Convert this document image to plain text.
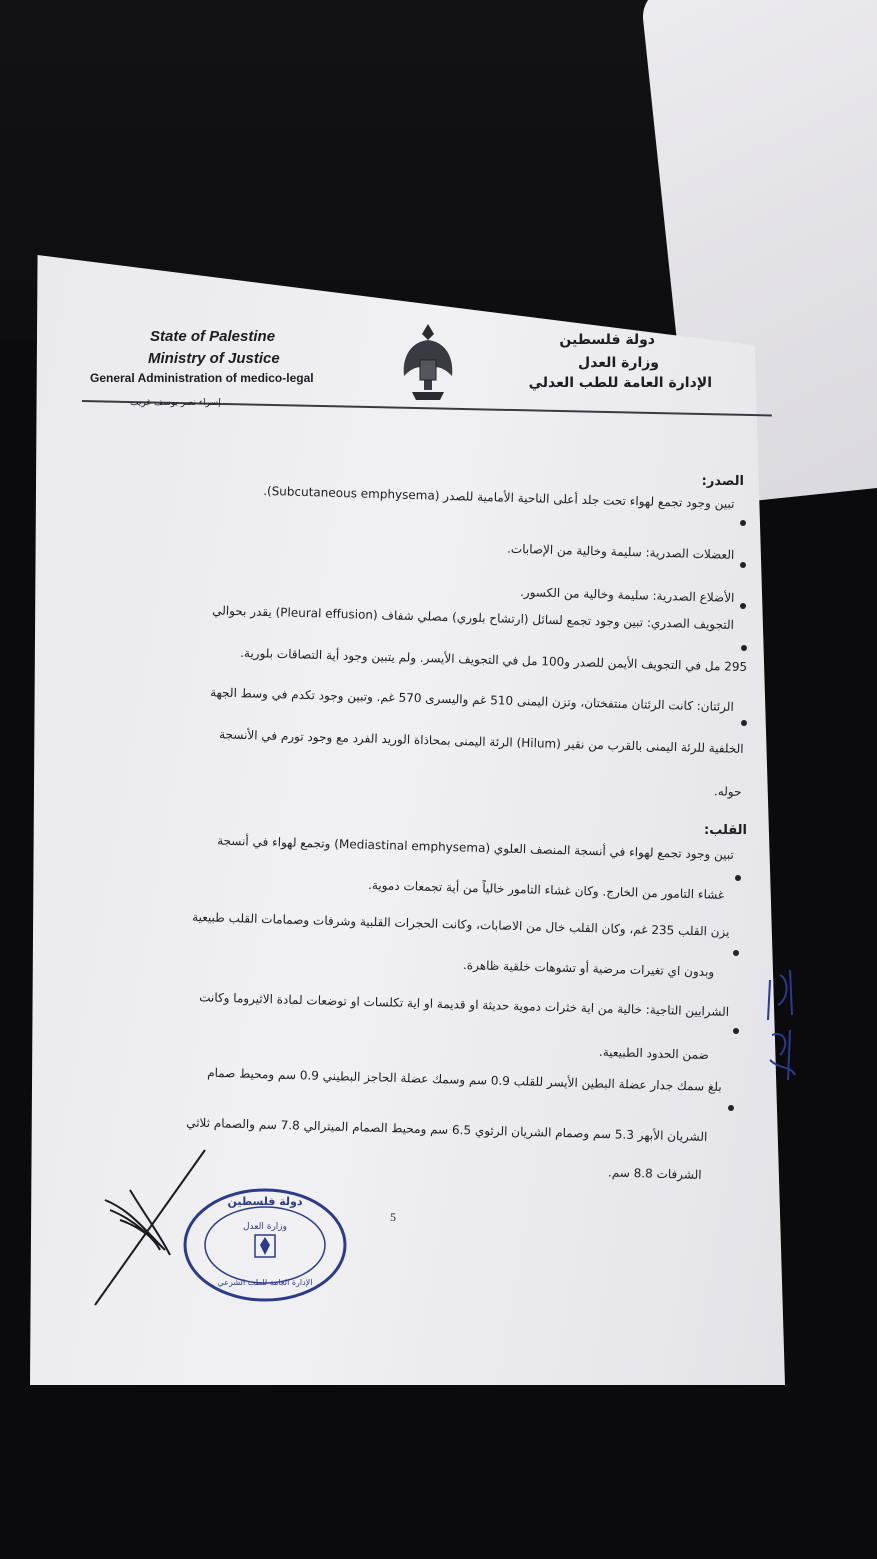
State of Palestine
Ministry of Justice
General Administration of medico-legal
دولة فلسطين
وزارة العدل
الإدارة العامة للطب العدلي
إسراء نصر يوسف غريب
الصدر:
تبين وجود تجمع لهواء تحت جلد أعلى الناحية الأمامية للصدر (Subcutaneous emphysema).
العضلات الصدرية: سليمة وخالية من الإصابات.
الأضلاع الصدرية: سليمة وخالية من الكسور.
التجويف الصدري: تبين وجود تجمع لسائل (ارتشاح بلوري) مصلي شفاف (Pleural effusion) يقدر بحوالي
295 مل في التجويف الأيمن للصدر و100 مل في التجويف الأيسر. ولم يتبين وجود أية التصاقات بلورية.
الرئتان: كانت الرئتان منتفختان، وتزن اليمنى 510 غم واليسرى 570 غم. وتبين وجود تكدم في وسط الجهة
الخلفية للرئة اليمنى بالقرب من نقير (Hilum) الرئة اليمنى بمحاذاة الوريد الفرد مع وجود تورم في الأنسجة
حوله.
القلب:
تبين وجود تجمع لهواء في أنسجة المنصف العلوي (Mediastinal emphysema) وتجمع لهواء في أنسجة
غشاء التامور من الخارج. وكان غشاء التامور خالياً من أية تجمعات دموية.
يزن القلب 235 غم، وكان القلب خال من الاصابات، وكانت الحجرات القلبية وشرفات وصمامات القلب طبيعية
وبدون اي تغيرات مرضية أو تشوهات خلقية ظاهرة.
الشرايين التاجية: خالية من اية خثرات دموية حديثة او قديمة او اية تكلسات او توضعات لمادة الاثيروما وكانت
ضمن الحدود الطبيعية.
بلغ سمك جدار عضلة البطين الأيسر للقلب 0.9 سم وسمك عضلة الحاجز البطيني 0.9 سم ومحيط صمام
الشريان الأبهر 5.3 سم وصمام الشريان الرئوي 6.5 سم ومحيط الصمام الميترالي 7.8 سم والصمام ثلاثي
الشرفات 8.8 سم.
دولة فلسطين
وزارة العدل
الإدارة العامة للطب الشرعي
5
